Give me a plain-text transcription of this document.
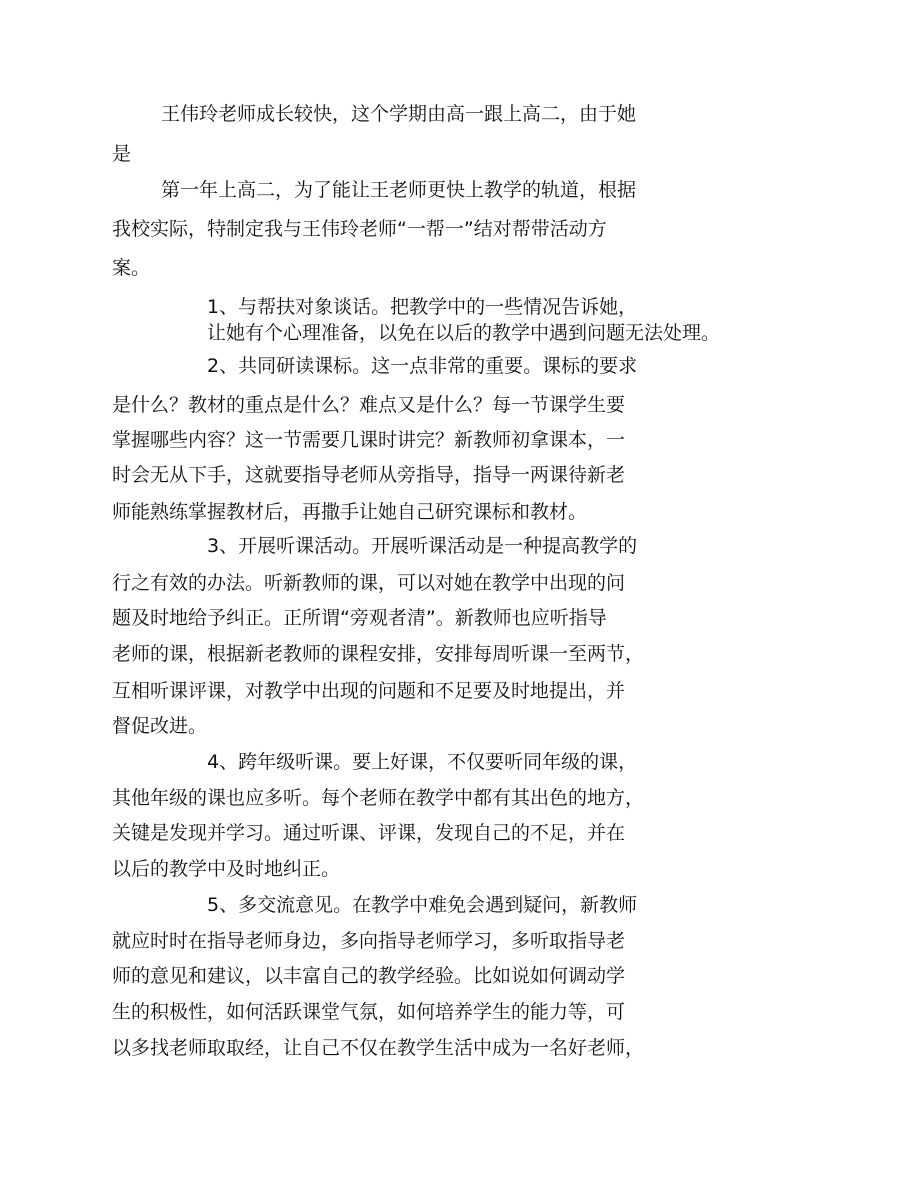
王伟玲老师成长较快，这个学期由高一跟上高二，由于她

是

第一年上高二，为了能让王老师更快上教学的轨道，根据

我校实际，特制定我与王伟玲老师“一帮一”结对帮带活动方

案。

1、与帮扶对象谈话。把教学中的一些情况告诉她，

让她有个心理准备，以免在以后的教学中遇到问题无法处理。

2、共同研读课标。这一点非常的重要。课标的要求

是什么？教材的重点是什么？难点又是什么？每一节课学生要

掌握哪些内容？这一节需要几课时讲完？新教师初拿课本，一

时会无从下手，这就要指导老师从旁指导，指导一两课待新老

师能熟练掌握教材后，再撒手让她自己研究课标和教材。

3、开展听课活动。开展听课活动是一种提高教学的

行之有效的办法。听新教师的课，可以对她在教学中出现的问

题及时地给予纠正。正所谓“旁观者清”。新教师也应听指导

老师的课，根据新老教师的课程安排，安排每周听课一至两节，

互相听课评课，对教学中出现的问题和不足要及时地提出，并

督促改进。

4、跨年级听课。要上好课，不仅要听同年级的课，

其他年级的课也应多听。每个老师在教学中都有其出色的地方，

关键是发现并学习。通过听课、评课，发现自己的不足，并在

以后的教学中及时地纠正。

5、多交流意见。在教学中难免会遇到疑问，新教师

就应时时在指导老师身边，多向指导老师学习，多听取指导老

师的意见和建议，以丰富自己的教学经验。比如说如何调动学

生的积极性，如何活跃课堂气氛，如何培养学生的能力等，可

以多找老师取取经，让自己不仅在教学生活中成为一名好老师，
